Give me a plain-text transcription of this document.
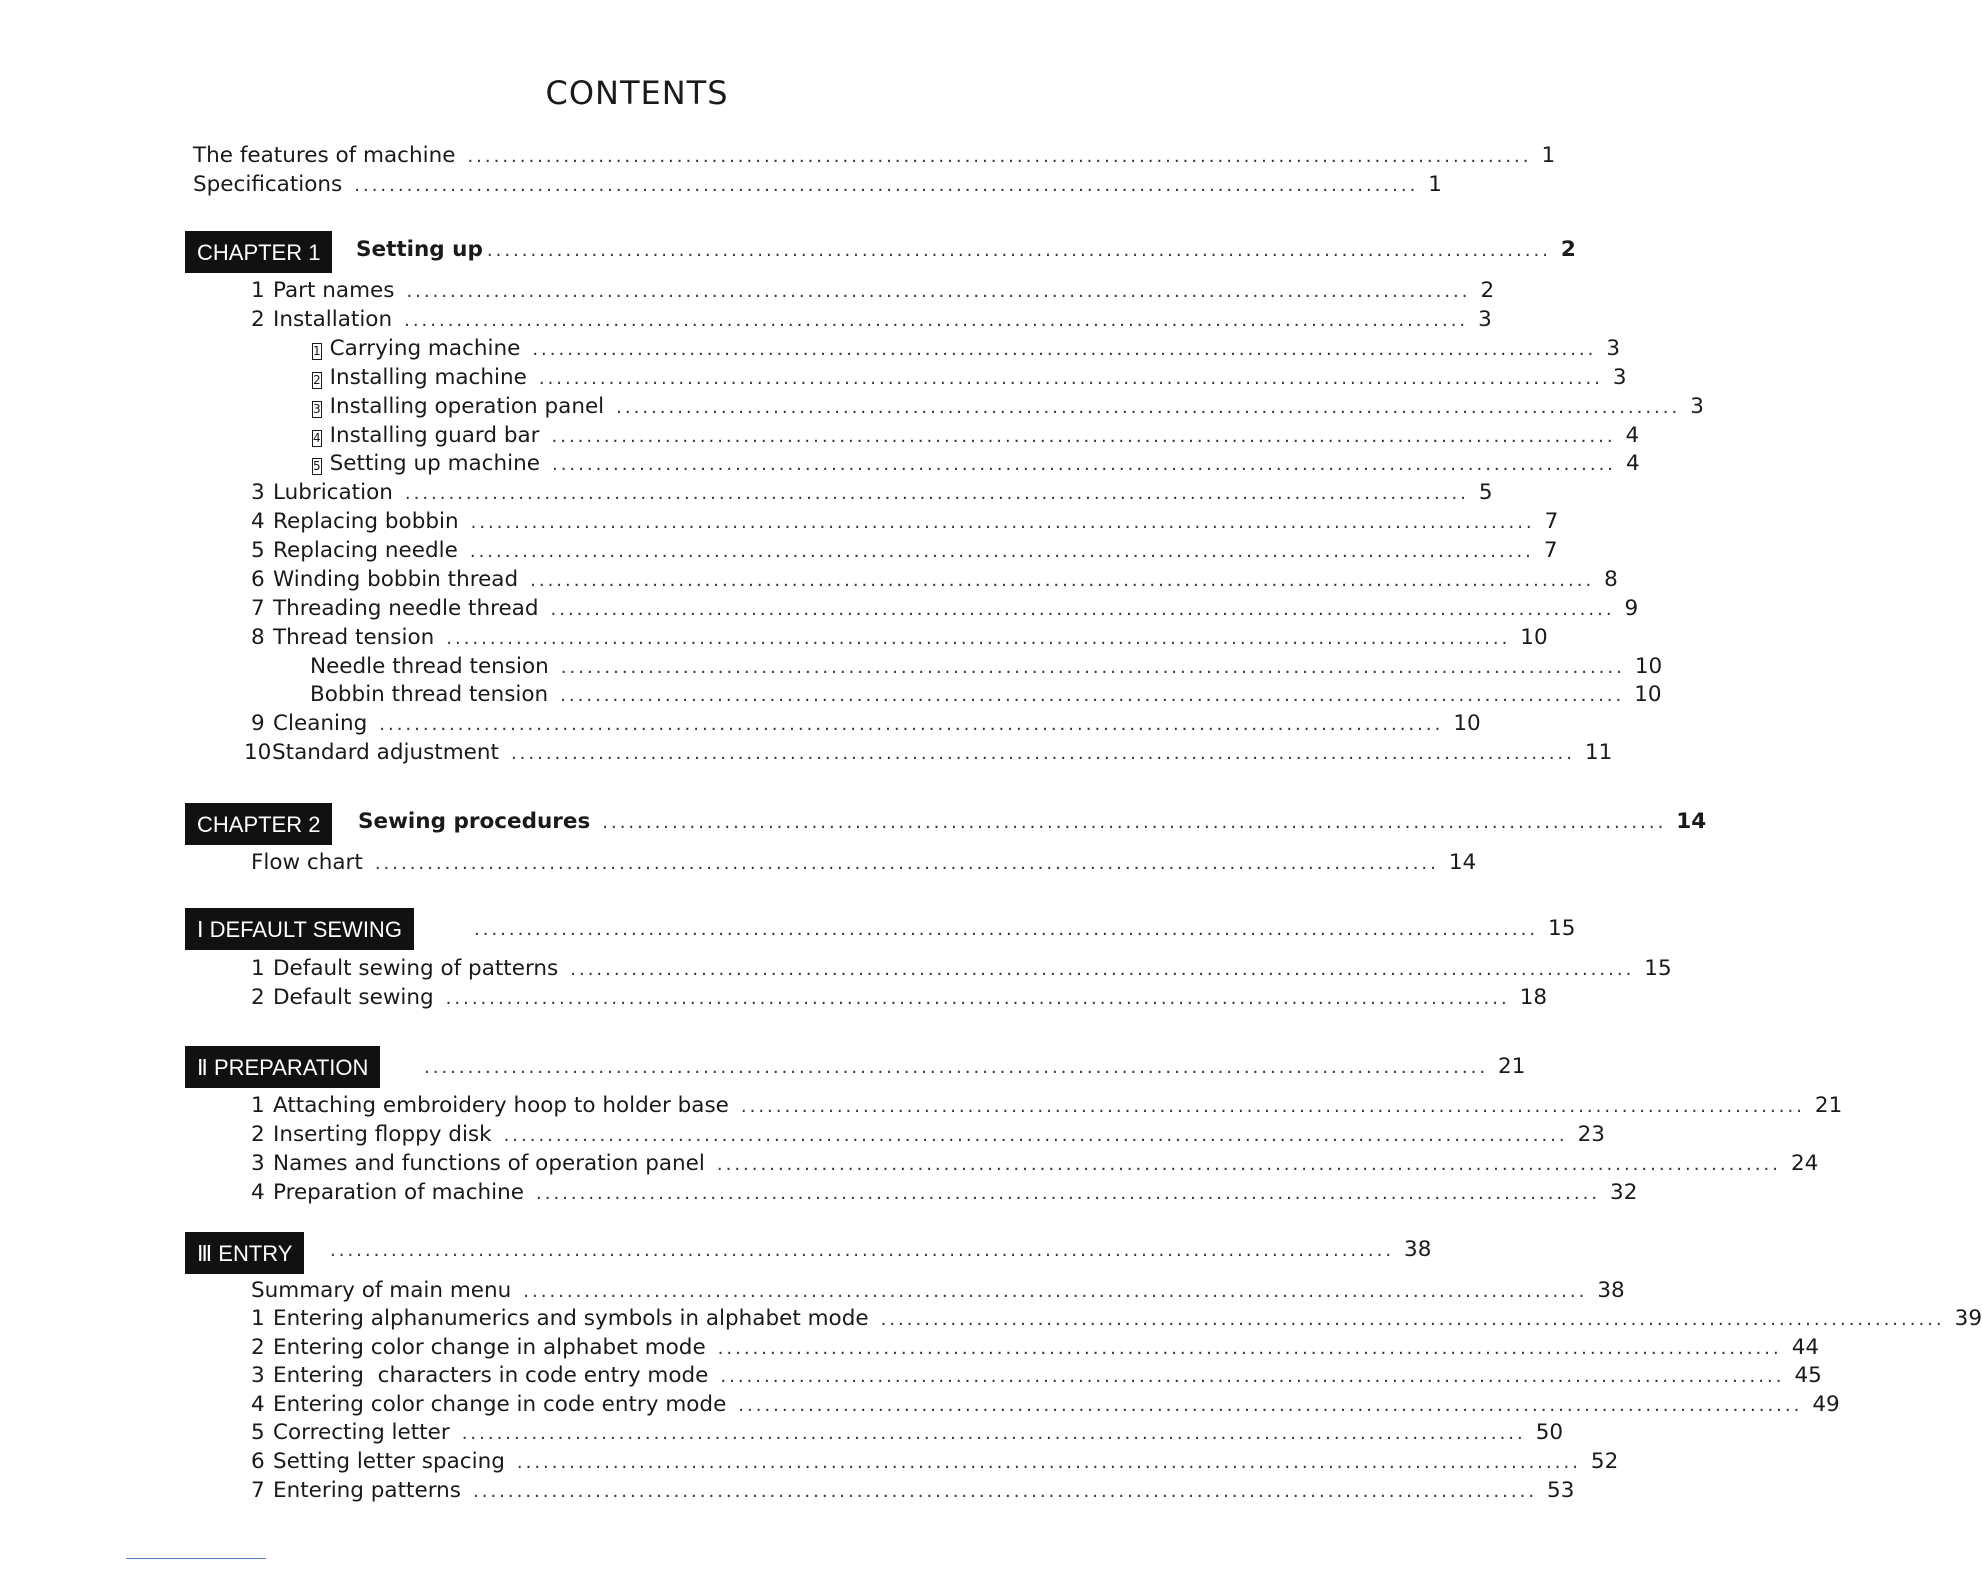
CONTENTS
The features of machine .......................................................................................................................... 1
Specifications .......................................................................................................................... 1
CHAPTER 1	Setting up .......................................................................................................................... 2
1 Part names .......................................................................................................................... 2
2 Installation .......................................................................................................................... 3
1 Carrying machine .......................................................................................................................... 3
2 Installing machine .......................................................................................................................... 3
3 Installing operation panel .......................................................................................................................... 3
4 Installing guard bar .......................................................................................................................... 4
5 Setting up machine .......................................................................................................................... 4
3 Lubrication .......................................................................................................................... 5
4 Replacing bobbin .......................................................................................................................... 7
5 Replacing needle .......................................................................................................................... 7
6 Winding bobbin thread .......................................................................................................................... 8
7 Threading needle thread .......................................................................................................................... 9
8 Thread tension .......................................................................................................................... 10
Needle thread tension .......................................................................................................................... 10
Bobbin thread tension .......................................................................................................................... 10
9 Cleaning .......................................................................................................................... 10
10 Standard adjustment .......................................................................................................................... 11
CHAPTER 2	Sewing procedures .......................................................................................................................... 14
Flow chart .......................................................................................................................... 14
Ⅰ DEFAULT SEWING	.......................................................................................................................... 15
1 Default sewing of patterns .......................................................................................................................... 15
2 Default sewing .......................................................................................................................... 18
Ⅱ PREPARATION	.......................................................................................................................... 21
1 Attaching embroidery hoop to holder base .......................................................................................................................... 21
2 Inserting floppy disk .......................................................................................................................... 23
3 Names and functions of operation panel .......................................................................................................................... 24
4 Preparation of machine .......................................................................................................................... 32
Ⅲ ENTRY	.......................................................................................................................... 38
Summary of main menu .......................................................................................................................... 38
1 Entering alphanumerics and symbols in alphabet mode .......................................................................................................................... 39
2 Entering color change in alphabet mode .......................................................................................................................... 44
3 Entering  characters in code entry mode .......................................................................................................................... 45
4 Entering color change in code entry mode .......................................................................................................................... 49
5 Correcting letter .......................................................................................................................... 50
6 Setting letter spacing .......................................................................................................................... 52
7 Entering patterns .......................................................................................................................... 53
